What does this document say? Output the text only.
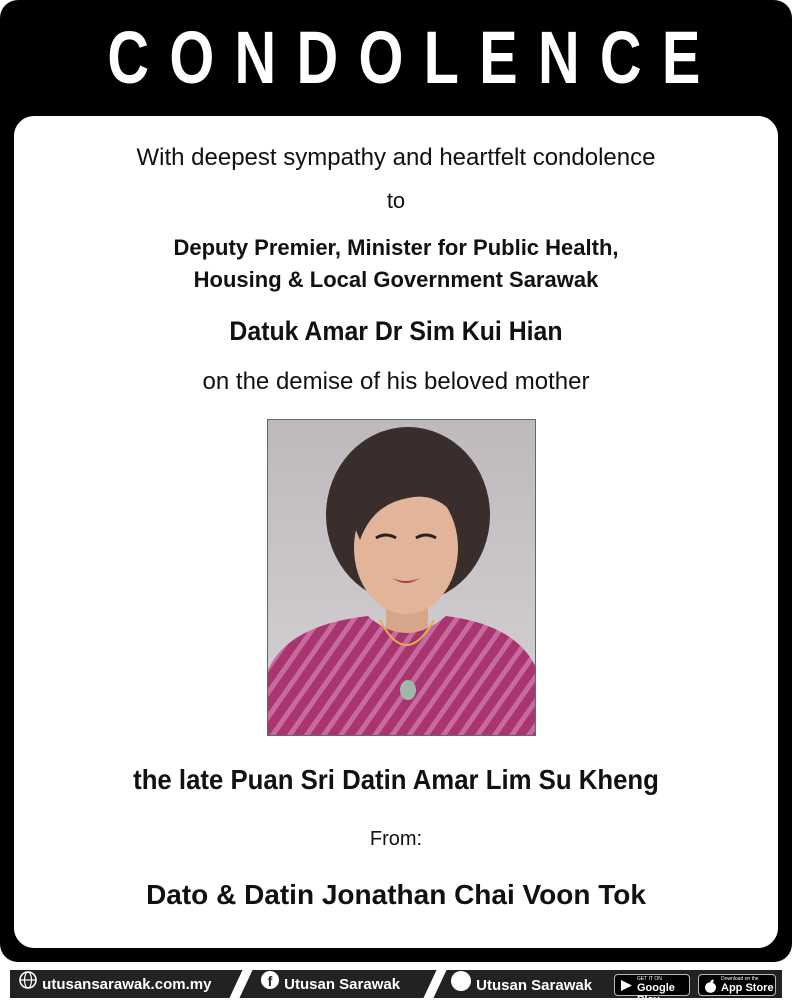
CONDOLENCE
With deepest sympathy and heartfelt condolence
to
Deputy Premier, Minister for Public Health,
Housing & Local Government Sarawak
Datuk Amar Dr Sim Kui Hian
on the demise of his beloved mother
the late Puan Sri Datin Amar Lim Su Kheng
From:
Dato & Datin Jonathan Chai Voon Tok
utusansarawak.com.my	f Utusan Sarawak	Utusan Sarawak	GET IT ON
Google Play
Download on the
App Store
